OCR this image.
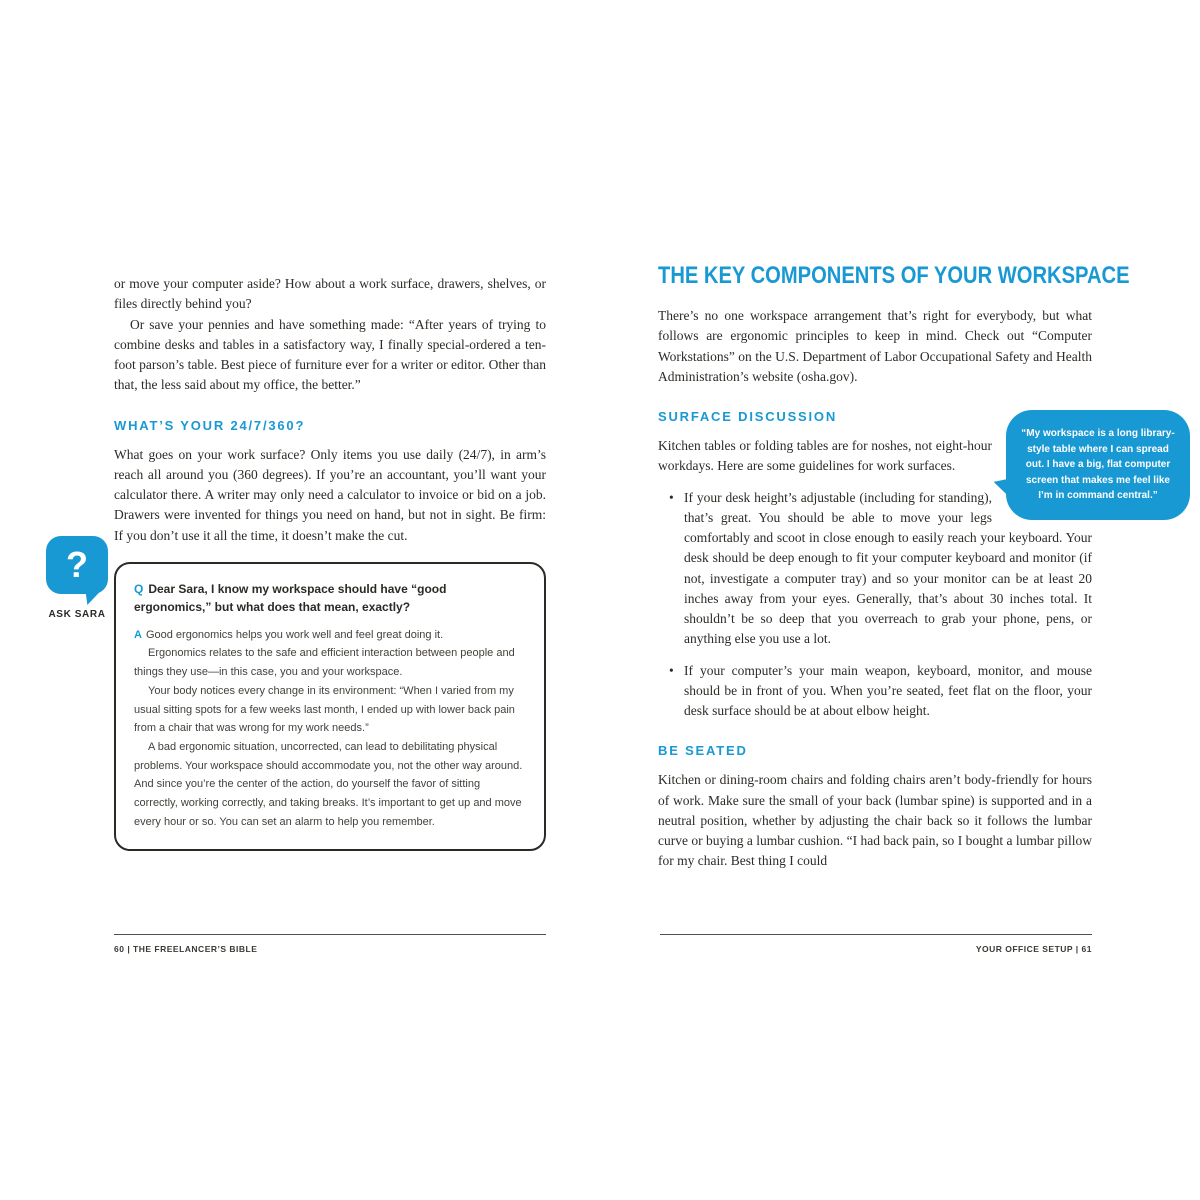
or move your computer aside? How about a work surface, drawers, shelves, or files directly behind you?

Or save your pennies and have something made: “After years of trying to combine desks and tables in a satisfactory way, I finally special-ordered a ten-foot parson’s table. Best piece of furniture ever for a writer or editor. Other than that, the less said about my office, the better.”

WHAT’S YOUR 24/7/360?

What goes on your work surface? Only items you use daily (24/7), in arm’s reach all around you (360 degrees). If you’re an accountant, you’ll want your calculator there. A writer may only need a calculator to invoice or bid on a job. Drawers were invented for things you need on hand, but not in sight. Be firm: If you don’t use it all the time, it doesn’t make the cut.

Q Dear Sara, I know my workspace should have “good ergonomics,” but what does that mean, exactly?

A Good ergonomics helps you work well and feel great doing it.

Ergonomics relates to the safe and efficient interaction between people and things they use—in this case, you and your workspace.

Your body notices every change in its environment: “When I varied from my usual sitting spots for a few weeks last month, I ended up with lower back pain from a chair that was wrong for my work needs.”

A bad ergonomic situation, uncorrected, can lead to debilitating physical problems. Your workspace should accommodate you, not the other way around. And since you’re the center of the action, do yourself the favor of sitting correctly, working correctly, and taking breaks. It’s important to get up and move every hour or so. You can set an alarm to help you remember.

?
ASK SARA
THE KEY COMPONENTS OF YOUR WORKSPACE

There’s no one workspace arrangement that’s right for everybody, but what follows are ergonomic principles to keep in mind. Check out “Computer Workstations” on the U.S. Department of Labor Occupational Safety and Health Administration’s website (osha.gov).

SURFACE DISCUSSION

Kitchen tables or folding tables are for noshes, not eight-hour workdays. Here are some guidelines for work surfaces.

• If your desk height’s adjustable (including for standing), that’s great. You should be able to move your legs comfortably and scoot in close enough to easily reach your keyboard. Your desk should be deep enough to fit your computer keyboard and monitor (if not, investigate a computer tray) and so your monitor can be at least 20 inches away from your eyes. Generally, that’s about 30 inches total. It shouldn’t be so deep that you overreach to grab your phone, pens, or anything else you use a lot.
• If your computer’s your main weapon, keyboard, monitor, and mouse should be in front of you. When you’re seated, feet flat on the floor, your desk surface should be at about elbow height.
BE SEATED

Kitchen or dining-room chairs and folding chairs aren’t body-friendly for hours of work. Make sure the small of your back (lumbar spine) is supported and in a neutral position, whether by adjusting the chair back so it follows the lumbar curve or buying a lumbar cushion. “I had back pain, so I bought a lumbar pillow for my chair. Best thing I could

“My workspace is a long library-style table where I can spread out. I have a big, flat computer screen that makes me feel like I’m in command central.”
60 | THE FREELANCER’S BIBLE	YOUR OFFICE SETUP | 61
